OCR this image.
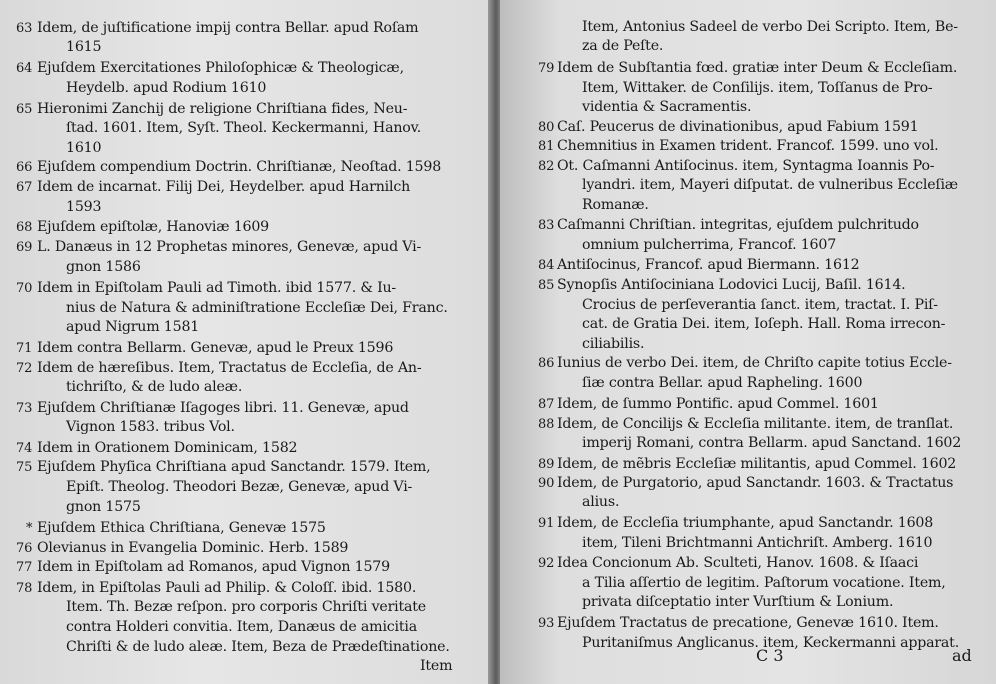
63 Idem, de juſtificatione impij contra Bellar. apud Roſam
1615
64 Ejuſdem Exercitationes Philoſophicæ & Theologicæ,
Heydelb. apud Rodium 1610
65 Hieronimi Zanchij de religione Chriſtiana fides, Neu-
ſtad. 1601. Item, Syſt. Theol. Keckermanni, Hanov.
1610
66 Ejuſdem compendium Doctrin. Chriſtianæ, Neoſtad. 1598
67 Idem de incarnat. Filij Dei, Heydelber. apud Harnilch
1593
68 Ejuſdem epiſtolæ, Hanoviæ 1609
69 L. Danæus in 12 Prophetas minores, Genevæ, apud Vi-
gnon 1586
70 Idem in Epiſtolam Pauli ad Timoth. ibid 1577. & Iu-
nius de Natura & adminiſtratione Eccleſiæ Dei, Franc.
apud Nigrum 1581
71 Idem contra Bellarm. Genevæ, apud le Preux 1596
72 Idem de hæreſibus. Item, Tractatus de Eccleſia, de An-
tichriſto, & de ludo aleæ.
73 Ejuſdem Chriſtianæ Iſagoges libri. 11. Genevæ, apud
Vignon 1583. tribus Vol.
74 Idem in Orationem Dominicam, 1582
75 Ejuſdem Phyſica Chriſtiana apud Sanctandr. 1579. Item,
Epiſt. Theolog. Theodori Bezæ, Genevæ, apud Vi-
gnon 1575
* Ejuſdem Ethica Chriſtiana, Genevæ 1575
76 Olevianus in Evangelia Dominic. Herb. 1589
77 Idem in Epiſtolam ad Romanos, apud Vignon 1579
78 Idem, in Epiſtolas Pauli ad Philip. & Coloſſ. ibid. 1580.
Item. Th. Bezæ reſpon. pro corporis Chriſti veritate
contra Holderi convitia. Item, Danæus de amicitia
Chriſti & de ludo aleæ. Item, Beza de Prædeſtinatione.
Item
Item, Antonius Sadeel de verbo Dei Scripto. Item, Be-
za de Peſte.
79 Idem de Subſtantia fœd. gratiæ inter Deum & Eccleſiam.
Item, Wittaker. de Conſilijs. item, Toſſanus de Pro-
videntia & Sacramentis.
80 Caſ. Peucerus de divinationibus, apud Fabium 1591
81 Chemnitius in Examen trident. Francof. 1599. uno vol.
82 Ot. Caſmanni Antiſocinus. item, Syntagma Ioannis Po-
lyandri. item, Mayeri diſputat. de vulneribus Eccleſiæ
Romanæ.
83 Caſmanni Chriſtian. integritas, ejuſdem pulchritudo
omnium pulcherrima, Francof. 1607
84 Antiſocinus, Francof. apud Biermann. 1612
85 Synopſis Antiſociniana Lodovici Lucij, Baſil. 1614.
Crocius de perſeverantia ſanct. item, tractat. I. Piſ-
cat. de Gratia Dei. item, Ioſeph. Hall. Roma irrecon-
ciliabilis.
86 Iunius de verbo Dei. item, de Chriſto capite totius Eccle-
ſiæ contra Bellar. apud Rapheling. 1600
87 Idem, de ſummo Pontific. apud Commel. 1601
88 Idem, de Concilijs & Eccleſia militante. item, de tranſlat.
imperij Romani, contra Bellarm. apud Sanctand. 1602
89 Idem, de mẽbris Eccleſiæ militantis, apud Commel. 1602
90 Idem, de Purgatorio, apud Sanctandr. 1603. & Tractatus
alius.
91 Idem, de Eccleſia triumphante, apud Sanctandr. 1608
item, Tileni Brichtmanni Antichriſt. Amberg. 1610
92 Idea Concionum Ab. Sculteti, Hanov. 1608. & Iſaaci
a Tilia aſſertio de legitim. Paſtorum vocatione. Item,
privata diſceptatio inter Vurſtium & Lonium.
93 Ejuſdem Tractatus de precatione, Genevæ 1610. Item.
Puritaniſmus Anglicanus. item, Keckermanni apparat.
C 3	ad
